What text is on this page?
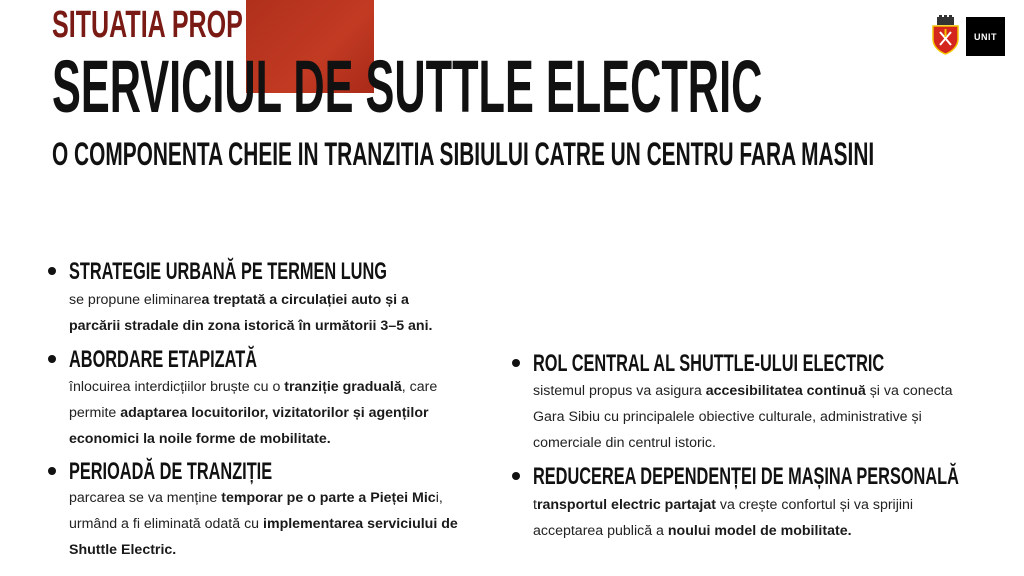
SITUATIA PROP
SERVICIUL DE SUTTLE ELECTRIC
O COMPONENTA CHEIE IN TRANZITIA SIBIULUI CATRE UN CENTRU FARA MASINI
UNIT
STRATEGIE URBANĂ PE TERMEN LUNG
se propune eliminarea treptată a circulației auto și a
parcării stradale din zona istorică în următorii 3–5 ani.
ABORDARE ETAPIZATĂ
înlocuirea interdicțiilor bruște cu o tranziție graduală, care
permite adaptarea locuitorilor, vizitatorilor și agenților
economici la noile forme de mobilitate.
PERIOADĂ DE TRANZIȚIE
parcarea se va menține temporar pe o parte a Pieței Mici,
urmând a fi eliminată odată cu implementarea serviciului de
Shuttle Electric.
ROL CENTRAL AL SHUTTLE-ULUI ELECTRIC
sistemul propus va asigura accesibilitatea continuă și va conecta
Gara Sibiu cu principalele obiective culturale, administrative și
comerciale din centrul istoric.
REDUCEREA DEPENDENȚEI DE MAȘINA PERSONALĂ
transportul electric partajat va crește confortul și va sprijini
acceptarea publică a noului model de mobilitate.
